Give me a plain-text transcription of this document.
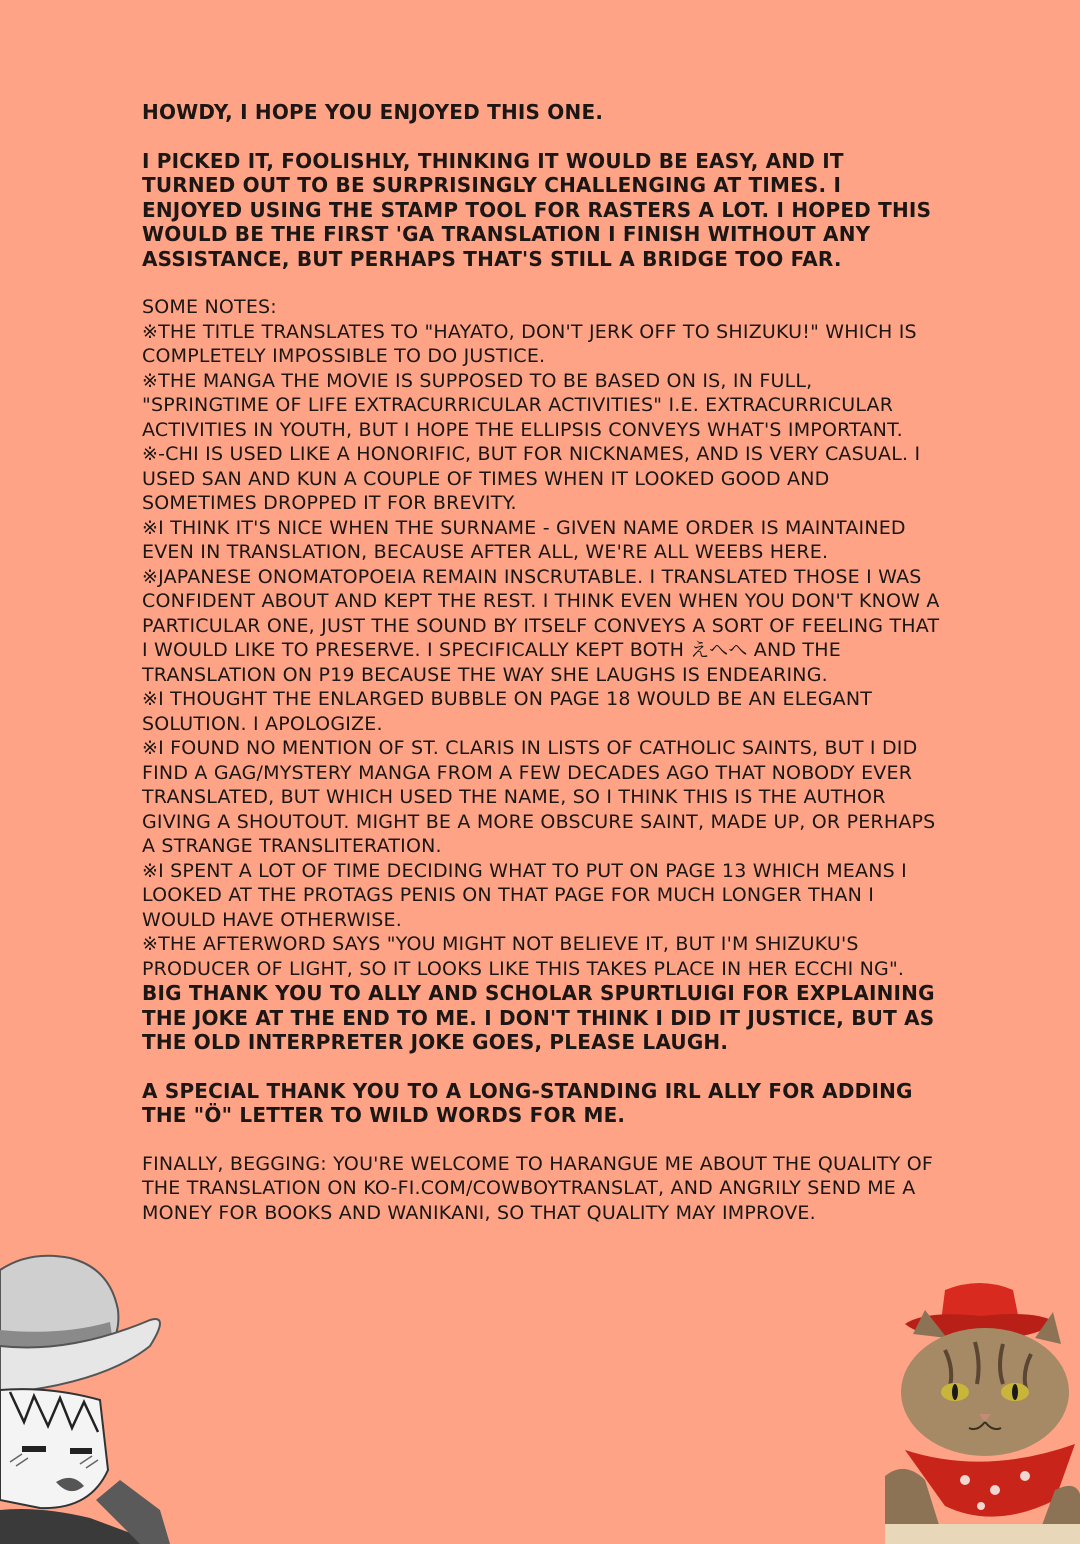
HOWDY, I HOPE YOU ENJOYED THIS ONE.

I PICKED IT, FOOLISHLY, THINKING IT WOULD BE EASY, AND IT TURNED OUT TO BE SURPRISINGLY CHALLENGING AT TIMES. I ENJOYED USING THE STAMP TOOL FOR RASTERS A LOT. I HOPED THIS WOULD BE THE FIRST 'GA TRANSLATION I FINISH WITHOUT ANY ASSISTANCE, BUT PERHAPS THAT'S STILL A BRIDGE TOO FAR.

SOME NOTES:

※THE TITLE TRANSLATES TO "HAYATO, DON'T JERK OFF TO SHIZUKU!" WHICH IS COMPLETELY IMPOSSIBLE TO DO JUSTICE.

※THE MANGA THE MOVIE IS SUPPOSED TO BE BASED ON IS, IN FULL, "SPRINGTIME OF LIFE EXTRACURRICULAR ACTIVITIES" I.E. EXTRACURRICULAR ACTIVITIES IN YOUTH, BUT I HOPE THE ELLIPSIS CONVEYS WHAT'S IMPORTANT.

※-CHI IS USED LIKE A HONORIFIC, BUT FOR NICKNAMES, AND IS VERY CASUAL. I USED SAN AND KUN A COUPLE OF TIMES WHEN IT LOOKED GOOD AND SOMETIMES DROPPED IT FOR BREVITY.

※I THINK IT'S NICE WHEN THE SURNAME - GIVEN NAME ORDER IS MAINTAINED EVEN IN TRANSLATION, BECAUSE AFTER ALL, WE'RE ALL WEEBS HERE.

※JAPANESE ONOMATOPOEIA REMAIN INSCRUTABLE. I TRANSLATED THOSE I WAS CONFIDENT ABOUT AND KEPT THE REST. I THINK EVEN WHEN YOU DON'T KNOW A PARTICULAR ONE, JUST THE SOUND BY ITSELF CONVEYS A SORT OF FEELING THAT I WOULD LIKE TO PRESERVE. I SPECIFICALLY KEPT BOTH えへへ AND THE TRANSLATION ON P19 BECAUSE THE WAY SHE LAUGHS IS ENDEARING.

※I THOUGHT THE ENLARGED BUBBLE ON PAGE 18 WOULD BE AN ELEGANT SOLUTION. I APOLOGIZE.

※I FOUND NO MENTION OF ST. CLARIS IN LISTS OF CATHOLIC SAINTS, BUT I DID FIND A GAG/MYSTERY MANGA FROM A FEW DECADES AGO THAT NOBODY EVER TRANSLATED, BUT WHICH USED THE NAME, SO I THINK THIS IS THE AUTHOR GIVING A SHOUTOUT. MIGHT BE A MORE OBSCURE SAINT, MADE UP, OR PERHAPS A STRANGE TRANSLITERATION.

※I SPENT A LOT OF TIME DECIDING WHAT TO PUT ON PAGE 13 WHICH MEANS I LOOKED AT THE PROTAGS PENIS ON THAT PAGE FOR MUCH LONGER THAN I WOULD HAVE OTHERWISE.

※THE AFTERWORD SAYS "YOU MIGHT NOT BELIEVE IT, BUT I'M SHIZUKU'S PRODUCER OF LIGHT, SO IT LOOKS LIKE THIS TAKES PLACE IN HER ECCHI NG".

BIG THANK YOU TO ALLY AND SCHOLAR SPURTLUIGI FOR EXPLAINING THE JOKE AT THE END TO ME. I DON'T THINK I DID IT JUSTICE, BUT AS THE OLD INTERPRETER JOKE GOES, PLEASE LAUGH.

A SPECIAL THANK YOU TO A LONG-STANDING IRL ALLY FOR ADDING THE "Ö" LETTER TO WILD WORDS FOR ME.

FINALLY, BEGGING: YOU'RE WELCOME TO HARANGUE ME ABOUT THE QUALITY OF THE TRANSLATION ON KO-FI.COM/COWBOYTRANSLAT, AND ANGRILY SEND ME A MONEY FOR BOOKS AND WANIKANI, SO THAT QUALITY MAY IMPROVE.
